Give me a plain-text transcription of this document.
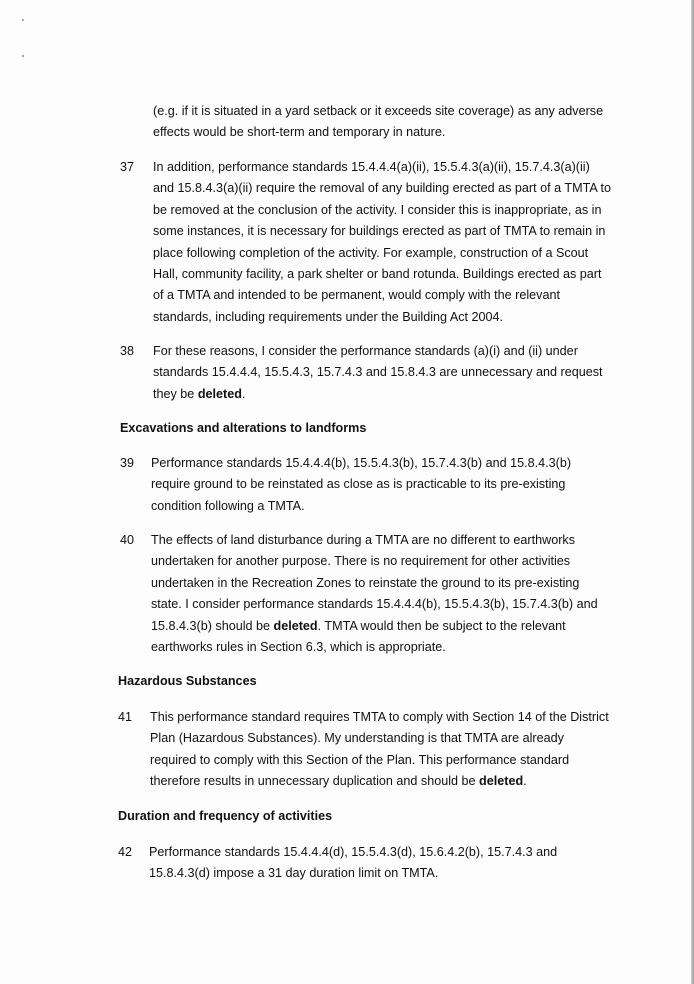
(e.g. if it is situated in a yard setback or it exceeds site coverage) as any adverse
effects would be short-term and temporary in nature.
37 In addition, performance standards 15.4.4.4(a)(ii), 15.5.4.3(a)(ii), 15.7.4.3(a)(ii)
and 15.8.4.3(a)(ii) require the removal of any building erected as part of a TMTA to
be removed at the conclusion of the activity. I consider this is inappropriate, as in
some instances, it is necessary for buildings erected as part of TMTA to remain in
place following completion of the activity. For example, construction of a Scout
Hall, community facility, a park shelter or band rotunda. Buildings erected as part
of a TMTA and intended to be permanent, would comply with the relevant
standards, including requirements under the Building Act 2004.
38 For these reasons, I consider the performance standards (a)(i) and (ii) under
standards 15.4.4.4, 15.5.4.3, 15.7.4.3 and 15.8.4.3 are unnecessary and request
they be deleted.
Excavations and alterations to landforms
39 Performance standards 15.4.4.4(b), 15.5.4.3(b), 15.7.4.3(b) and 15.8.4.3(b)
require ground to be reinstated as close as is practicable to its pre-existing
condition following a TMTA.
40 The effects of land disturbance during a TMTA are no different to earthworks
undertaken for another purpose. There is no requirement for other activities
undertaken in the Recreation Zones to reinstate the ground to its pre-existing
state. I consider performance standards 15.4.4.4(b), 15.5.4.3(b), 15.7.4.3(b) and
15.8.4.3(b) should be deleted. TMTA would then be subject to the relevant
earthworks rules in Section 6.3, which is appropriate.
Hazardous Substances
41 This performance standard requires TMTA to comply with Section 14 of the District
Plan (Hazardous Substances). My understanding is that TMTA are already
required to comply with this Section of the Plan. This performance standard
therefore results in unnecessary duplication and should be deleted.
Duration and frequency of activities
42 Performance standards 15.4.4.4(d), 15.5.4.3(d), 15.6.4.2(b), 15.7.4.3 and
15.8.4.3(d) impose a 31 day duration limit on TMTA.
